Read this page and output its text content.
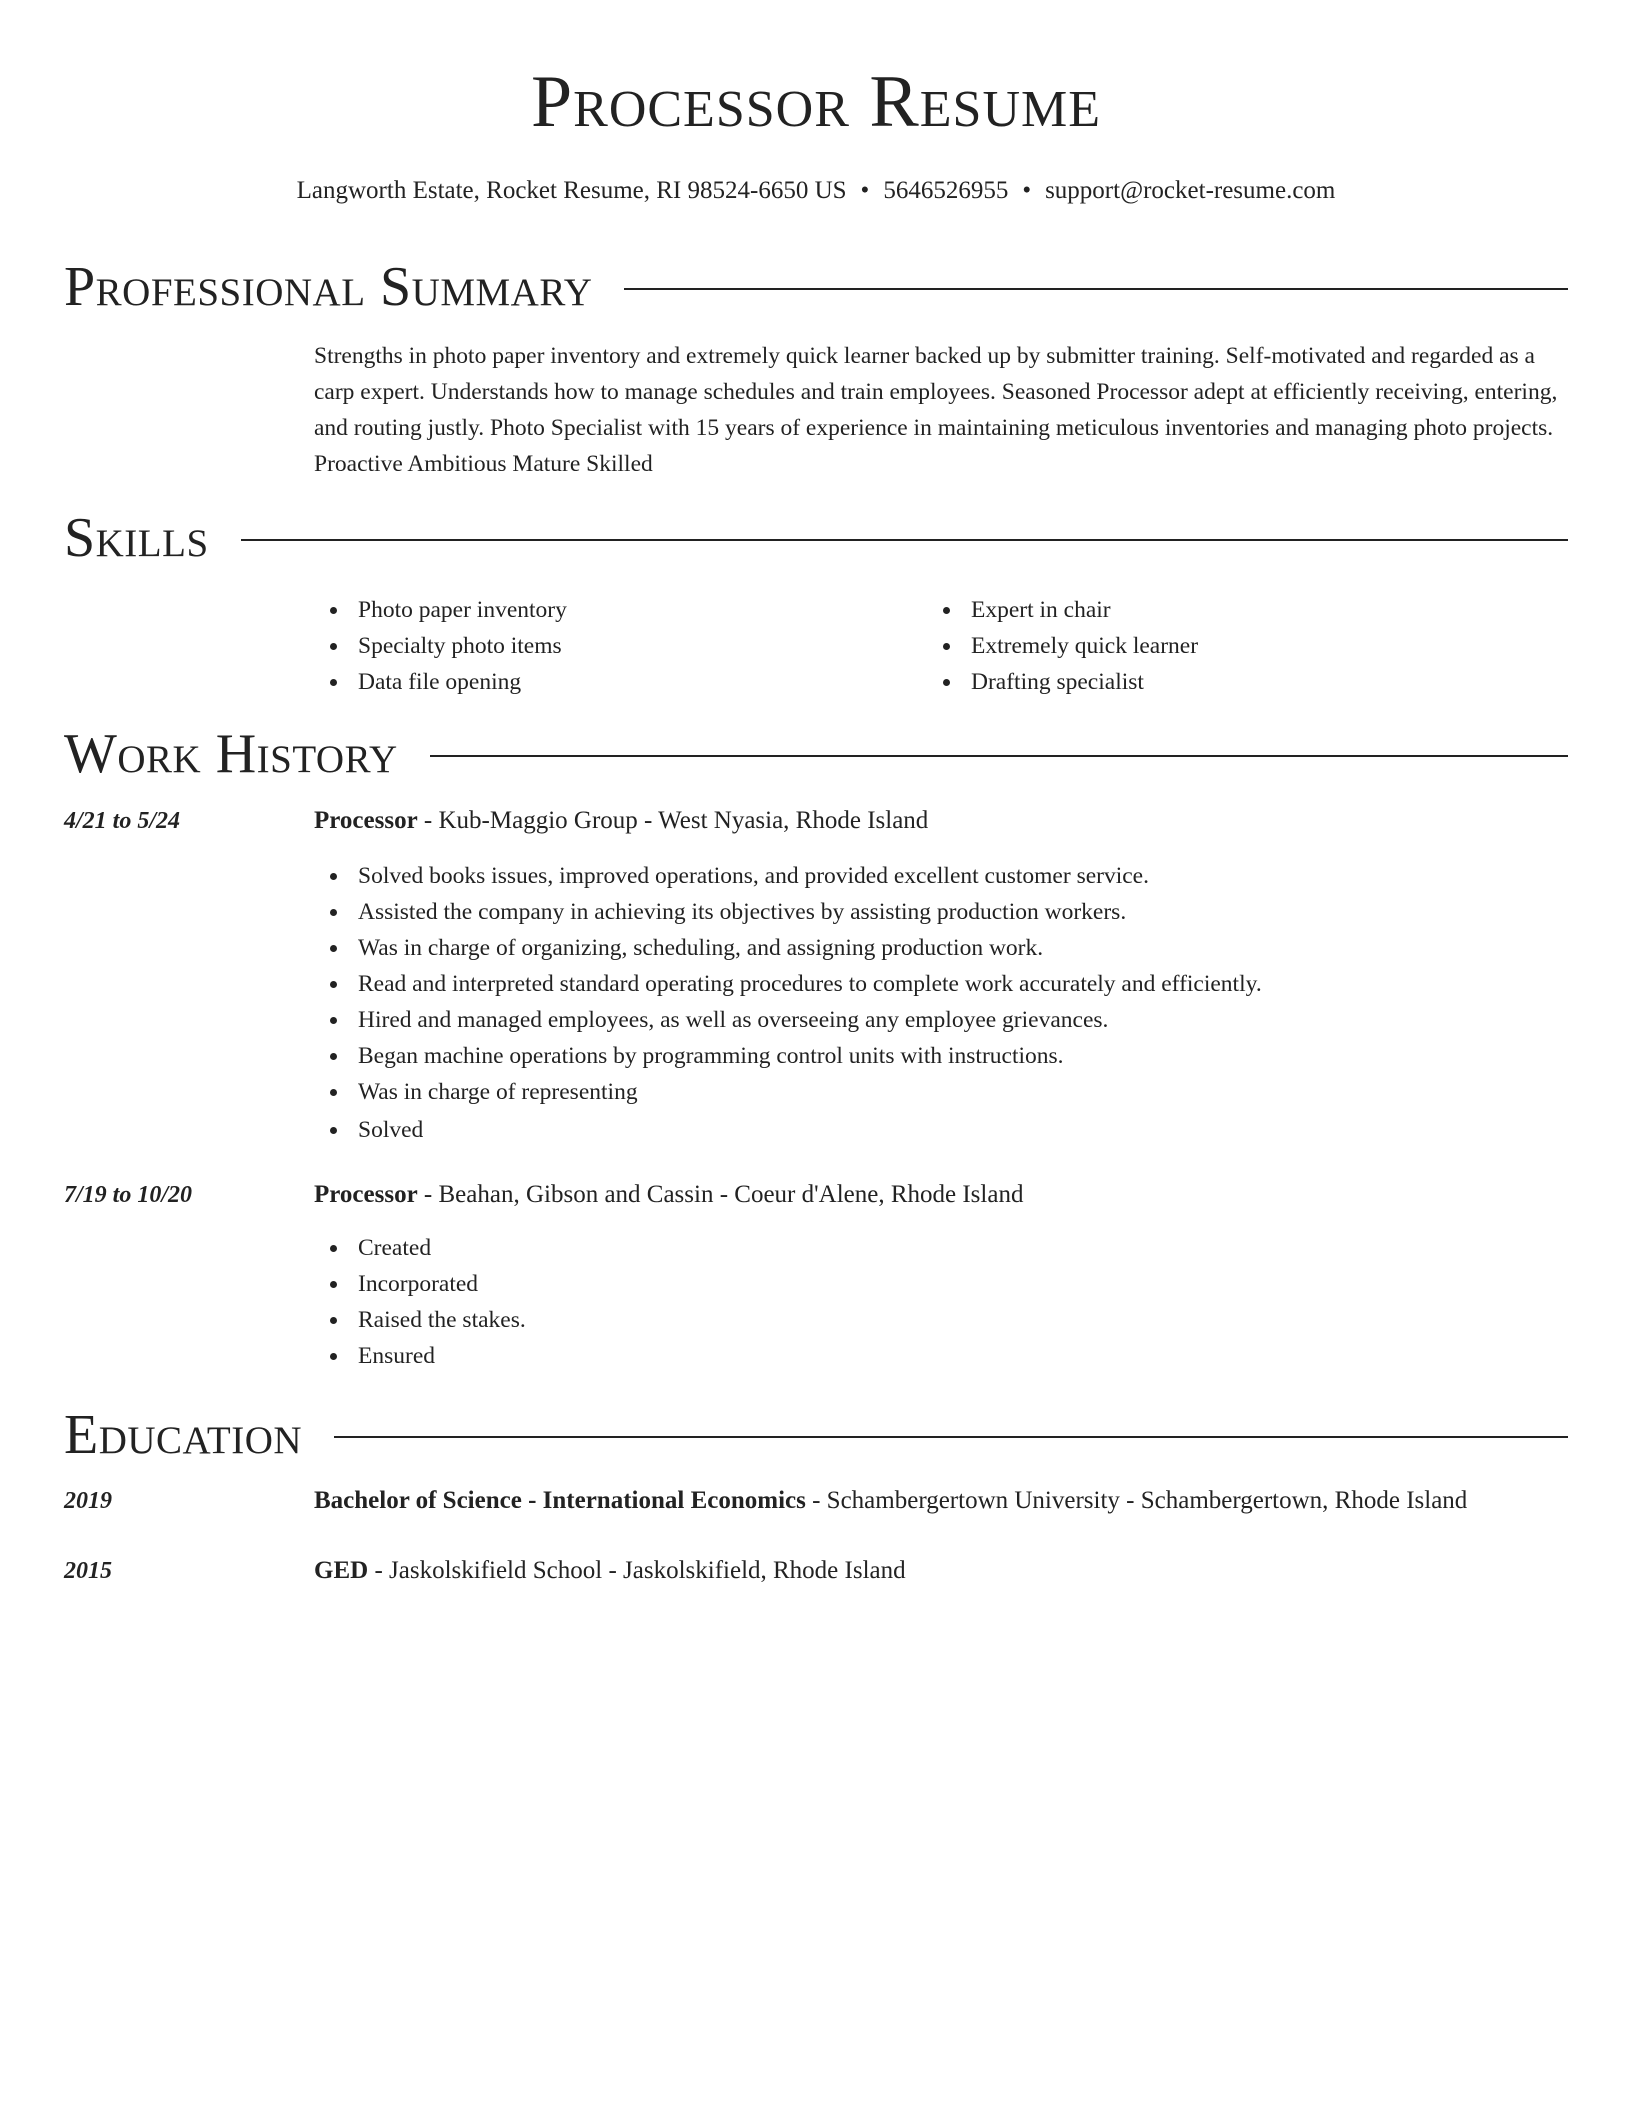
Processor Resume
Langworth Estate, Rocket Resume, RI 98524-6650 US • 5646526955 • support@rocket-resume.com
Professional Summary

Strengths in photo paper inventory and extremely quick learner backed up by submitter training. Self-motivated and regarded as a carp expert. Understands how to manage schedules and train employees. Seasoned Processor adept at efficiently receiving, entering, and routing justly. Photo Specialist with 15 years of experience in maintaining meticulous inventories and managing photo projects. Proactive Ambitious Mature Skilled

Skills
Photo paper inventory
Specialty photo items
Data file opening
Expert in chair
Extremely quick learner
Drafting specialist
Work History
4/21 to 5/24	Processor - Kub-Maggio Group - West Nyasia, Rhode Island
Solved books issues, improved operations, and provided excellent customer service.
Assisted the company in achieving its objectives by assisting production workers.
Was in charge of organizing, scheduling, and assigning production work.
Read and interpreted standard operating procedures to complete work accurately and efficiently.
Hired and managed employees, as well as overseeing any employee grievances.
Began machine operations by programming control units with instructions.
Was in charge of representing
Solved
7/19 to 10/20	Processor - Beahan, Gibson and Cassin - Coeur d'Alene, Rhode Island
Created
Incorporated
Raised the stakes.
Ensured
Education
2019	Bachelor of Science - International Economics - Schambergertown University - Schambergertown, Rhode Island
2015	GED - Jaskolskifield School - Jaskolskifield, Rhode Island
